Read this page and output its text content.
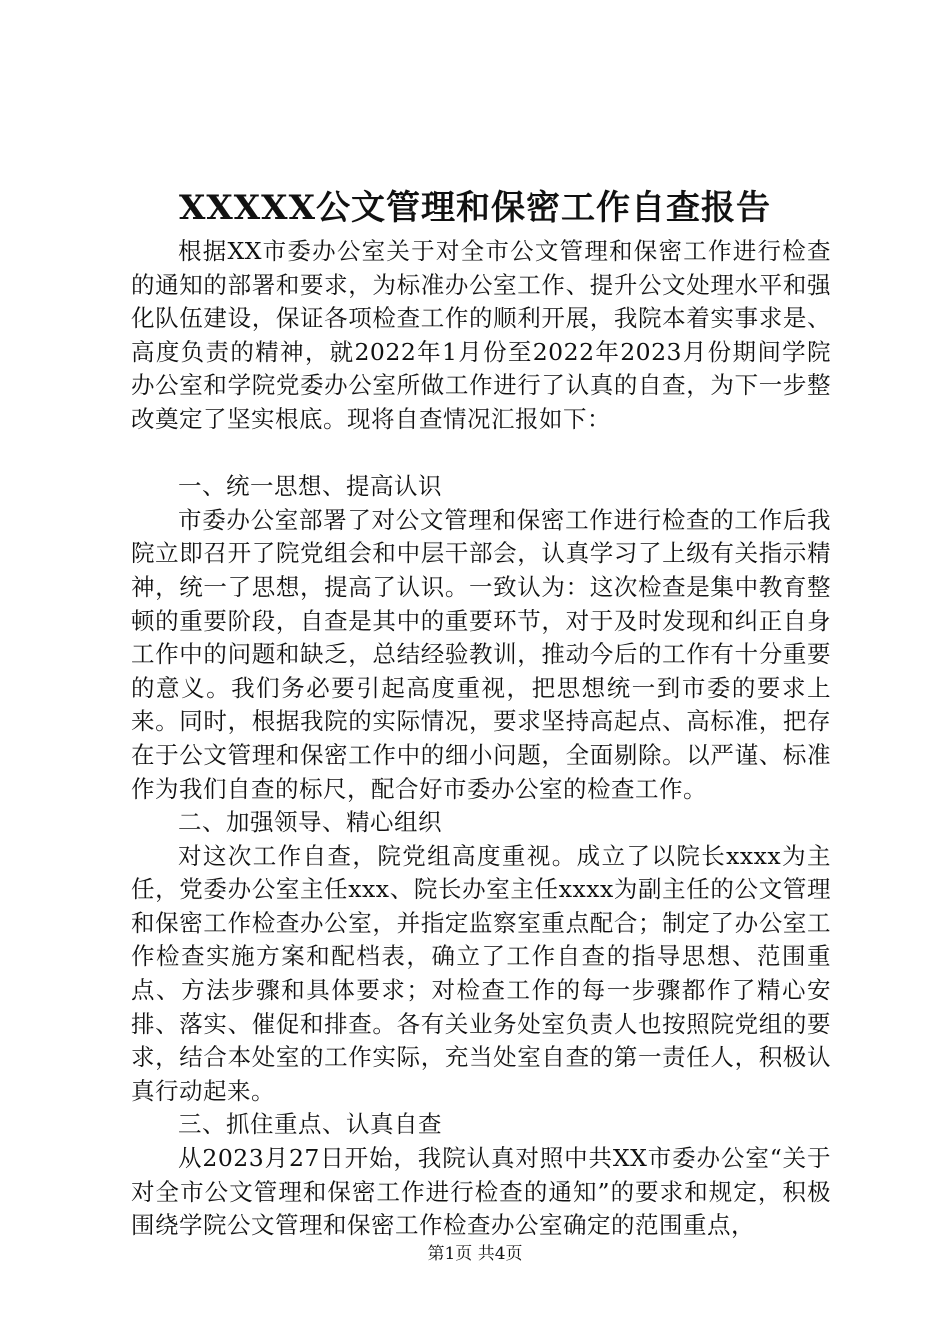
XXXXX公文管理和保密工作自查报告

根据XX市委办公室关于对全市公文管理和保密工作进行检查的通知的部署和要求，为标准办公室工作、提升公文处理水平和强化队伍建设，保证各项检查工作的顺利开展，我院本着实事求是、高度负责的精神，就2022年1月份至2022年2023月份期间学院办公室和学院党委办公室所做工作进行了认真的自查，为下一步整改奠定了坚实根底。现将自查情况汇报如下：

一、统一思想、提高认识

市委办公室部署了对公文管理和保密工作进行检查的工作后我院立即召开了院党组会和中层干部会，认真学习了上级有关指示精神，统一了思想，提高了认识。一致认为：这次检查是集中教育整顿的重要阶段，自查是其中的重要环节，对于及时发现和纠正自身工作中的问题和缺乏，总结经验教训，推动今后的工作有十分重要的意义。我们务必要引起高度重视，把思想统一到市委的要求上来。同时，根据我院的实际情况，要求坚持高起点、高标准，把存在于公文管理和保密工作中的细小问题，全面剔除。以严谨、标准作为我们自查的标尺，配合好市委办公室的检查工作。

二、加强领导、精心组织

对这次工作自查，院党组高度重视。成立了以院长xxxx为主任，党委办公室主任xxx、院长办室主任xxxx为副主任的公文管理和保密工作检查办公室，并指定监察室重点配合；制定了办公室工作检查实施方案和配档表，确立了工作自查的指导思想、范围重点、方法步骤和具体要求；对检查工作的每一步骤都作了精心安排、落实、催促和排查。各有关业务处室负责人也按照院党组的要求，结合本处室的工作实际，充当处室自查的第一责任人，积极认真行动起来。

三、抓住重点、认真自查

从2023月27日开始，我院认真对照中共XX市委办公室“关于对全市公文管理和保密工作进行检查的通知”的要求和规定，积极围绕学院公文管理和保密工作检查办公室确定的范围重点，

第1页 共4页
